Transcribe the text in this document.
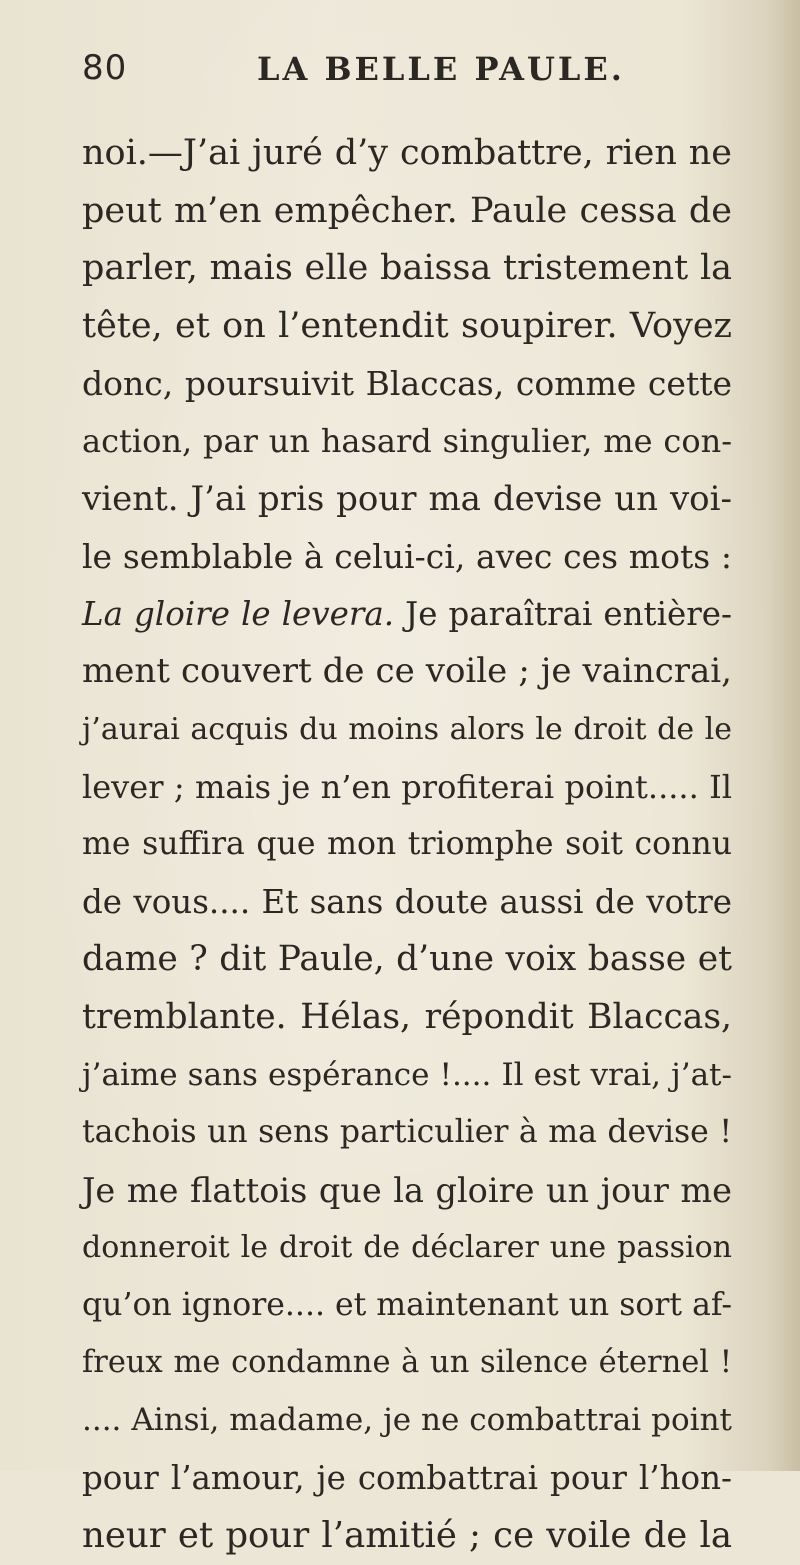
80	LA BELLE PAULE.
noi.—J’ai juré d’y combattre, rien ne
peut m’en empêcher. Paule cessa de
parler, mais elle baissa tristement la
tête, et on l’entendit soupirer. Voyez
donc, poursuivit Blaccas, comme cette
action, par un hasard singulier, me con-
vient. J’ai pris pour ma devise un voi-
le semblable à celui-ci, avec ces mots :
La gloire le levera. Je paraîtrai entière-
ment couvert de ce voile ; je vaincrai,
j’aurai acquis du moins alors le droit de le
lever ; mais je n’en profiterai point..... Il
me suffira que mon triomphe soit connu
de vous.... Et sans doute aussi de votre
dame ? dit Paule, d’une voix basse et
tremblante. Hélas, répondit Blaccas,
j’aime sans espérance !.... Il est vrai, j’at-
tachois un sens particulier à ma devise !
Je me flattois que la gloire un jour me
donneroit le droit de déclarer une passion
qu’on ignore.... et maintenant un sort af-
freux me condamne à un silence éternel !
.... Ainsi, madame, je ne combattrai point
pour l’amour, je combattrai pour l’hon-
neur et pour l’amitié ; ce voile de la
